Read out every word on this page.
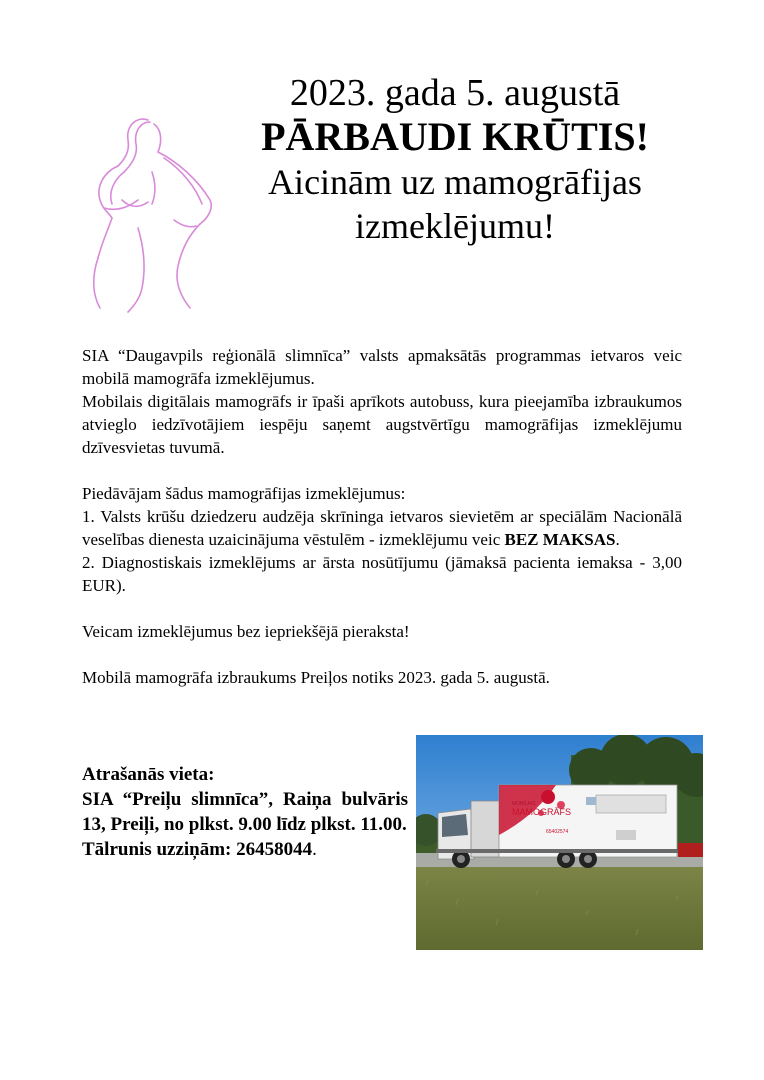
2023. gada 5. augustā
PĀRBAUDI KRŪTIS!
Aicinām uz mamogrāfijas
izmeklējumu!

SIA “Daugavpils reģionālā slimnīca” valsts apmaksātās programmas ietvaros veic mobilā mamogrāfa izmeklējumus.

Mobilais digitālais mamogrāfs ir īpaši aprīkots autobuss, kura pieejamība izbraukumos atvieglo iedzīvotājiem iespēju saņemt augstvērtīgu mamogrāfijas izmeklējumu dzīvesvietas tuvumā.

Piedāvājam šādus mamogrāfijas izmeklējumus:

1. Valsts krūšu dziedzeru audzēja skrīninga ietvaros sievietēm ar speciālām Nacionālā veselības dienesta uzaicinājuma vēstulēm - izmeklējumu veic BEZ MAKSAS.

2. Diagnostiskais izmeklējums ar ārsta nosūtījumu (jāmaksā pacienta iemaksa - 3,00 EUR).

Veicam izmeklējumus bez iepriekšējā pieraksta!

Mobilā mamogrāfa izbraukums Preiļos notiks 2023. gada 5. augustā.

Atrašanās vieta:

SIA “Preiļu slimnīca”, Raiņa bulvāris 13, Preiļi, no plkst. 9.00 līdz plkst. 11.00.

Tālrunis uzziņām: 26458044.

MOBILAIS
MAMOGRĀFS
65402574
